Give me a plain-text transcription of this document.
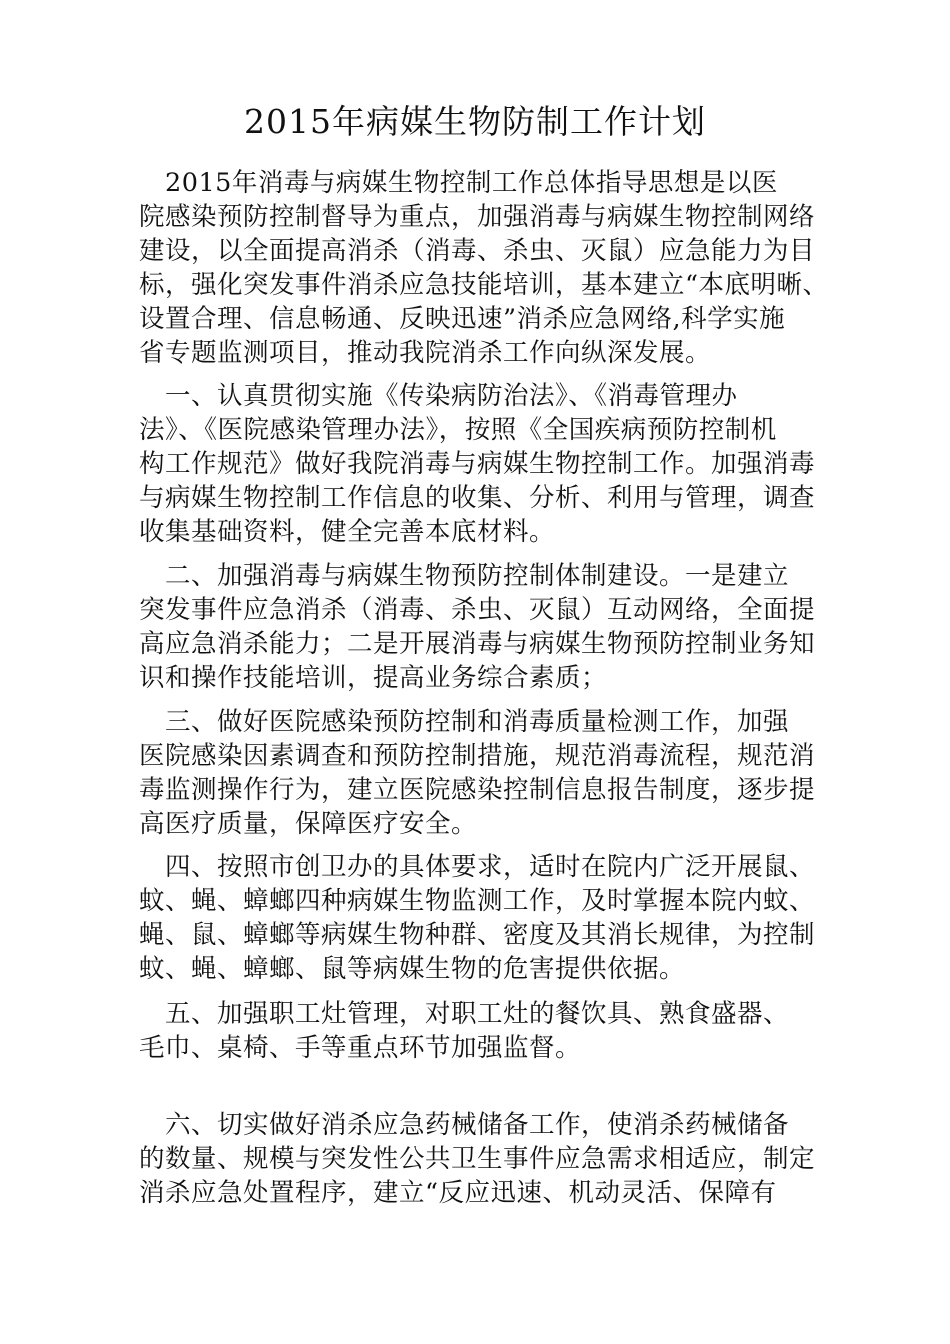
2015年病媒生物防制工作计划

　2015年消毒与病媒生物控制工作总体指导思想是以医
院感染预防控制督导为重点，加强消毒与病媒生物控制网络
建设，以全面提高消杀（消毒、杀虫、灭鼠）应急能力为目
标，强化突发事件消杀应急技能培训，基本建立“本底明晰、
设置合理、信息畅通、反映迅速”消杀应急网络,科学实施
省专题监测项目，推动我院消杀工作向纵深发展。

　一、认真贯彻实施《传染病防治法》、《消毒管理办
法》、《医院感染管理办法》，按照《全国疾病预防控制机
构工作规范》做好我院消毒与病媒生物控制工作。加强消毒
与病媒生物控制工作信息的收集、分析、利用与管理，调查
收集基础资料，健全完善本底材料。

　二、加强消毒与病媒生物预防控制体制建设。一是建立
突发事件应急消杀（消毒、杀虫、灭鼠）互动网络，全面提
高应急消杀能力；二是开展消毒与病媒生物预防控制业务知
识和操作技能培训，提高业务综合素质；

　三、做好医院感染预防控制和消毒质量检测工作，加强
医院感染因素调查和预防控制措施，规范消毒流程，规范消
毒监测操作行为，建立医院感染控制信息报告制度，逐步提
高医疗质量，保障医疗安全。

　四、按照市创卫办的具体要求，适时在院内广泛开展鼠、
蚊、蝇、蟑螂四种病媒生物监测工作，及时掌握本院内蚊、
蝇、鼠、蟑螂等病媒生物种群、密度及其消长规律，为控制
蚊、蝇、蟑螂、鼠等病媒生物的危害提供依据。

　五、加强职工灶管理，对职工灶的餐饮具、熟食盛器、
毛巾、桌椅、手等重点环节加强监督。

　六、切实做好消杀应急药械储备工作，使消杀药械储备
的数量、规模与突发性公共卫生事件应急需求相适应，制定
消杀应急处置程序，建立“反应迅速、机动灵活、保障有
